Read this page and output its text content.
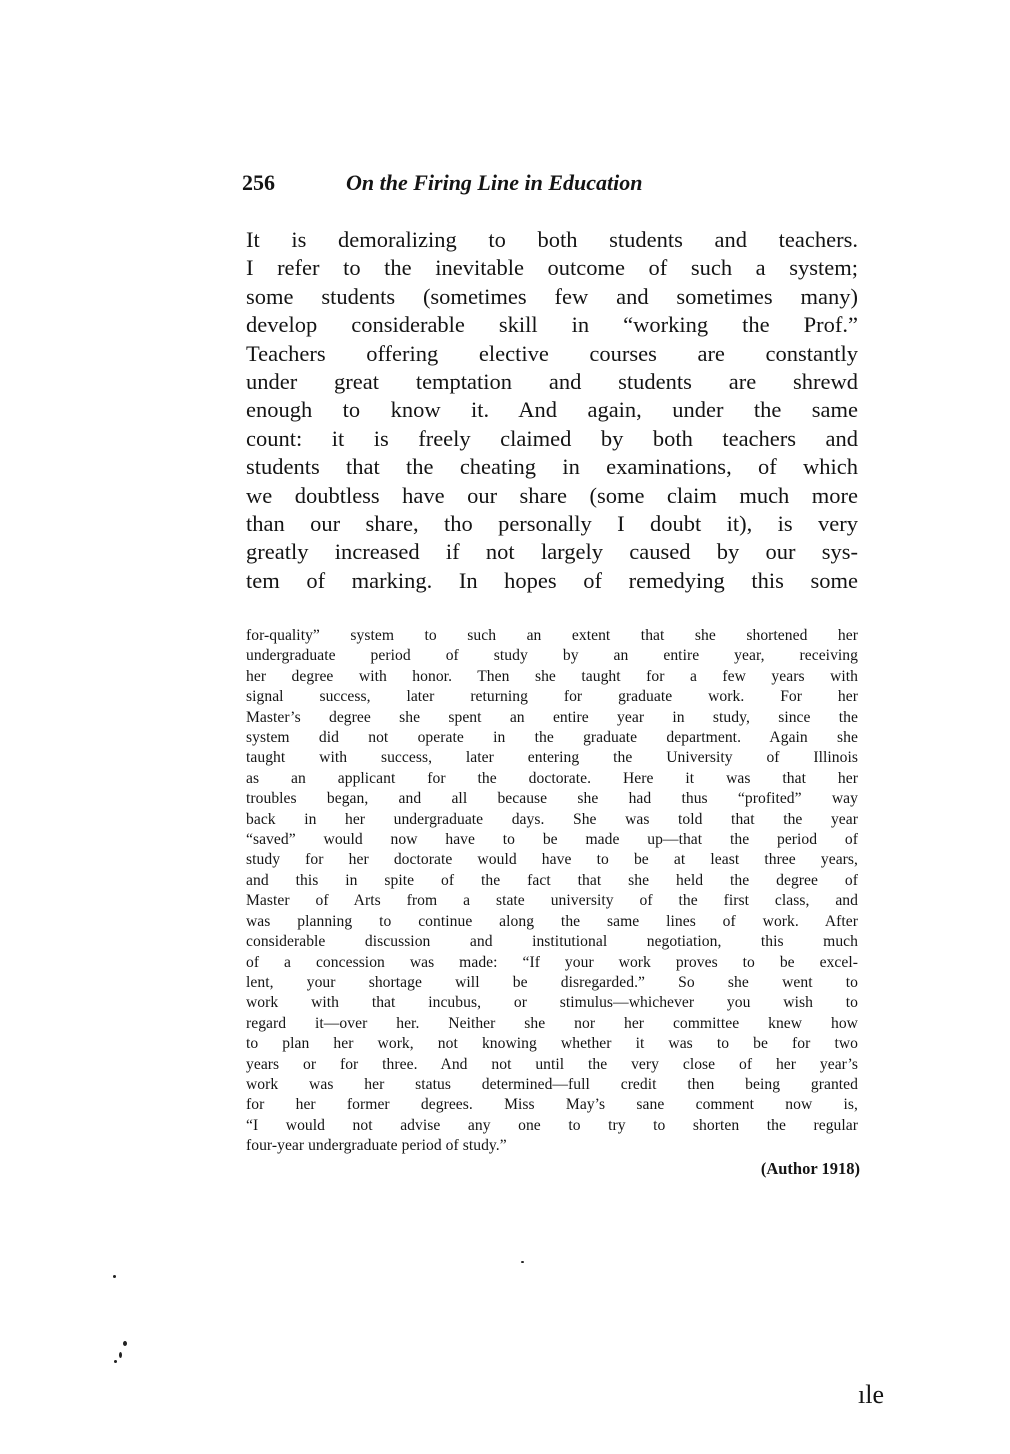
256	On the Firing Line in Education
It is demoralizing to both students and teachers.
I refer to the inevitable outcome of such a system;
some students (sometimes few and sometimes many)
develop considerable skill in “working the Prof.”
Teachers offering elective courses are constantly
under great temptation and students are shrewd
enough to know it. And again, under the same
count: it is freely claimed by both teachers and
students that the cheating in examinations, of which
we doubtless have our share (some claim much more
than our share, tho personally I doubt it), is very
greatly increased if not largely caused by our sys-
tem of marking. In hopes of remedying this some
for-quality” system to such an extent that she shortened her
undergraduate period of study by an entire year, receiving
her degree with honor. Then she taught for a few years with
signal success, later returning for graduate work. For her
Master’s degree she spent an entire year in study, since the
system did not operate in the graduate department. Again she
taught with success, later entering the University of Illinois
as an applicant for the doctorate. Here it was that her
troubles began, and all because she had thus “profited” way
back in her undergraduate days. She was told that the year
“saved” would now have to be made up—that the period of
study for her doctorate would have to be at least three years,
and this in spite of the fact that she held the degree of
Master of Arts from a state university of the first class, and
was planning to continue along the same lines of work. After
considerable discussion and institutional negotiation, this much
of a concession was made: “If your work proves to be excel-
lent, your shortage will be disregarded.” So she went to
work with that incubus, or stimulus—whichever you wish to
regard it—over her. Neither she nor her committee knew how
to plan her work, not knowing whether it was to be for two
years or for three. And not until the very close of her year’s
work was her status determined—full credit then being granted
for her former degrees. Miss May’s sane comment now is,
“I would not advise any one to try to shorten the regular
four-year undergraduate period of study.”
(Author 1918)
ıle
